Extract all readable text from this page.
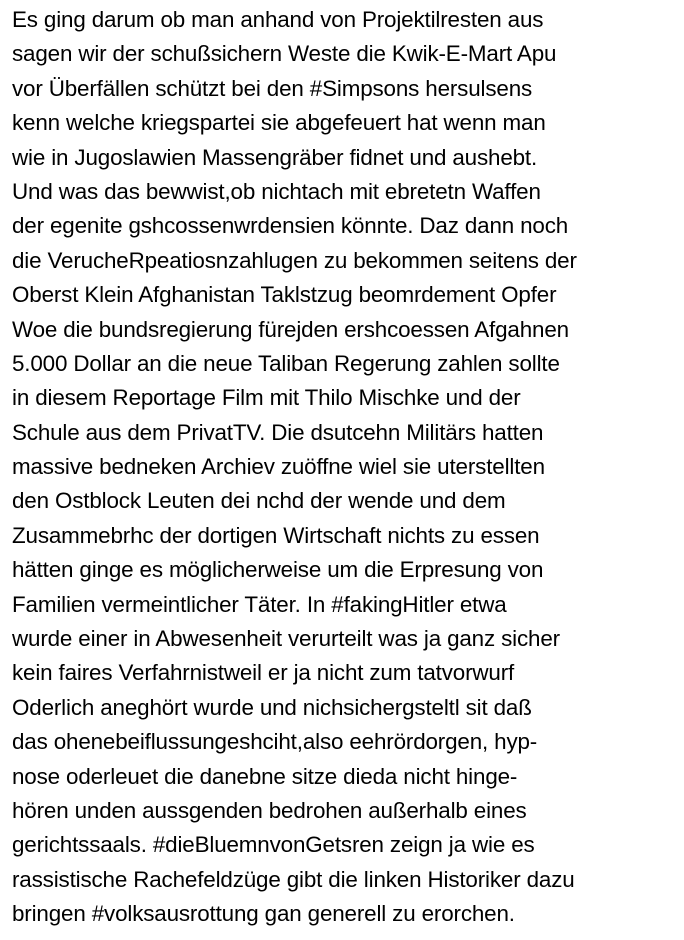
Es ging darum ob man anhand von Projektilresten aus
sagen wir der schußsichern Weste die Kwik-E-Mart Apu
vor Überfällen schützt bei den #Simpsons hersulsens
kenn welche kriegspartei sie abgefeuert hat wenn man
wie in Jugoslawien Massengräber fidnet und aushebt.
Und was das bewwist,ob nichtach mit ebretetn Waffen
der egenite gshcossenwrdensien könnte. Daz dann noch
die VerucheRpeatiosnzahlugen zu bekommen seitens der
Oberst Klein Afghanistan Taklstzug beomrdement Opfer
Woe die bundsregierung fürejden ershcoessen Afgahnen
5.000 Dollar an die neue Taliban Regerung zahlen sollte
in diesem Reportage Film mit Thilo Mischke und der
Schule aus dem PrivatTV. Die dsutcehn Militärs hatten
massive bedneken Archiev zuöffne wiel sie uterstellten
den Ostblock Leuten dei nchd der wende und dem
Zusammebrhc der dortigen Wirtschaft nichts zu essen
hätten ginge es möglicherweise um die Erpresung von
Familien vermeintlicher Täter. In #fakingHitler etwa
wurde einer in Abwesenheit verurteilt was ja ganz sicher
kein faires Verfahrnistweil er ja nicht zum tatvorwurf
Oderlich aneghört wurde und nichsichergsteltl sit daß
das ohenebeiflussungeshciht,also eehrördorgen, hyp-
nose oderleuet die danebne sitze dieda nicht hinge-
hören unden aussgenden bedrohen außerhalb eines
gerichtssaals. #dieBluemnvonGetsren zeign ja wie es
rassistische Rachefeldzüge gibt die linken Historiker dazu
bringen #volksausrottung gan generell zu erorchen.
